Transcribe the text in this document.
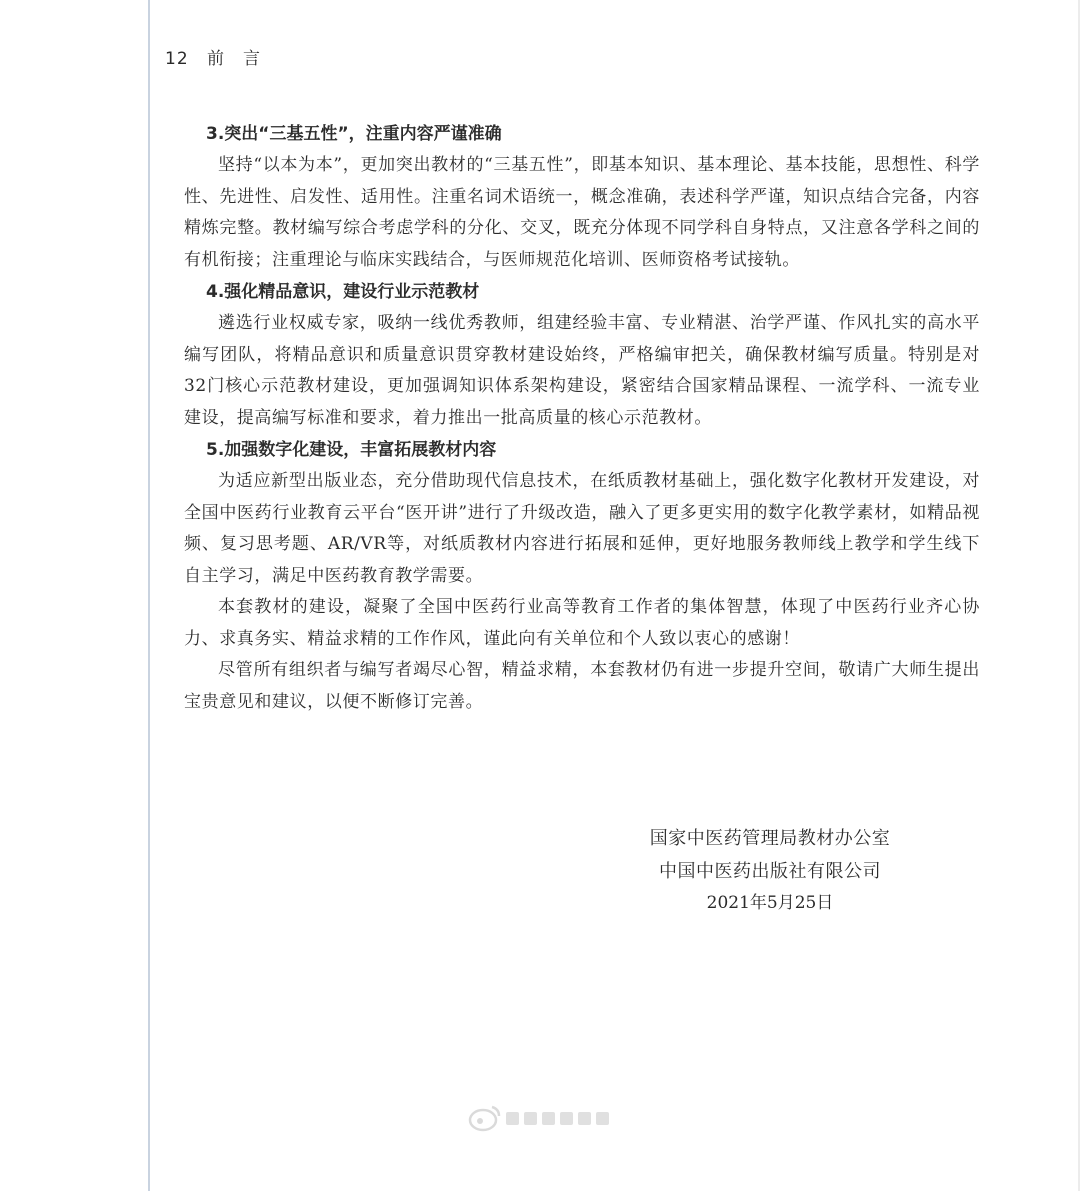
12 前　言
3.突出“三基五性”，注重内容严谨准确

坚持“以本为本”，更加突出教材的“三基五性”，即基本知识、基本理论、基本技能，思想性、科学性、先进性、启发性、适用性。注重名词术语统一，概念准确，表述科学严谨，知识点结合完备，内容精炼完整。教材编写综合考虑学科的分化、交叉，既充分体现不同学科自身特点，又注意各学科之间的有机衔接；注重理论与临床实践结合，与医师规范化培训、医师资格考试接轨。

4.强化精品意识，建设行业示范教材

遴选行业权威专家，吸纳一线优秀教师，组建经验丰富、专业精湛、治学严谨、作风扎实的高水平编写团队，将精品意识和质量意识贯穿教材建设始终，严格编审把关，确保教材编写质量。特别是对32门核心示范教材建设，更加强调知识体系架构建设，紧密结合国家精品课程、一流学科、一流专业建设，提高编写标准和要求，着力推出一批高质量的核心示范教材。

5.加强数字化建设，丰富拓展教材内容

为适应新型出版业态，充分借助现代信息技术，在纸质教材基础上，强化数字化教材开发建设，对全国中医药行业教育云平台“医开讲”进行了升级改造，融入了更多更实用的数字化教学素材，如精品视频、复习思考题、AR/VR等，对纸质教材内容进行拓展和延伸，更好地服务教师线上教学和学生线下自主学习，满足中医药教育教学需要。

本套教材的建设，凝聚了全国中医药行业高等教育工作者的集体智慧，体现了中医药行业齐心协力、求真务实、精益求精的工作作风，谨此向有关单位和个人致以衷心的感谢！

尽管所有组织者与编写者竭尽心智，精益求精，本套教材仍有进一步提升空间，敬请广大师生提出宝贵意见和建议，以便不断修订完善。

国家中医药管理局教材办公室
中国中医药出版社有限公司
2021年5月25日
